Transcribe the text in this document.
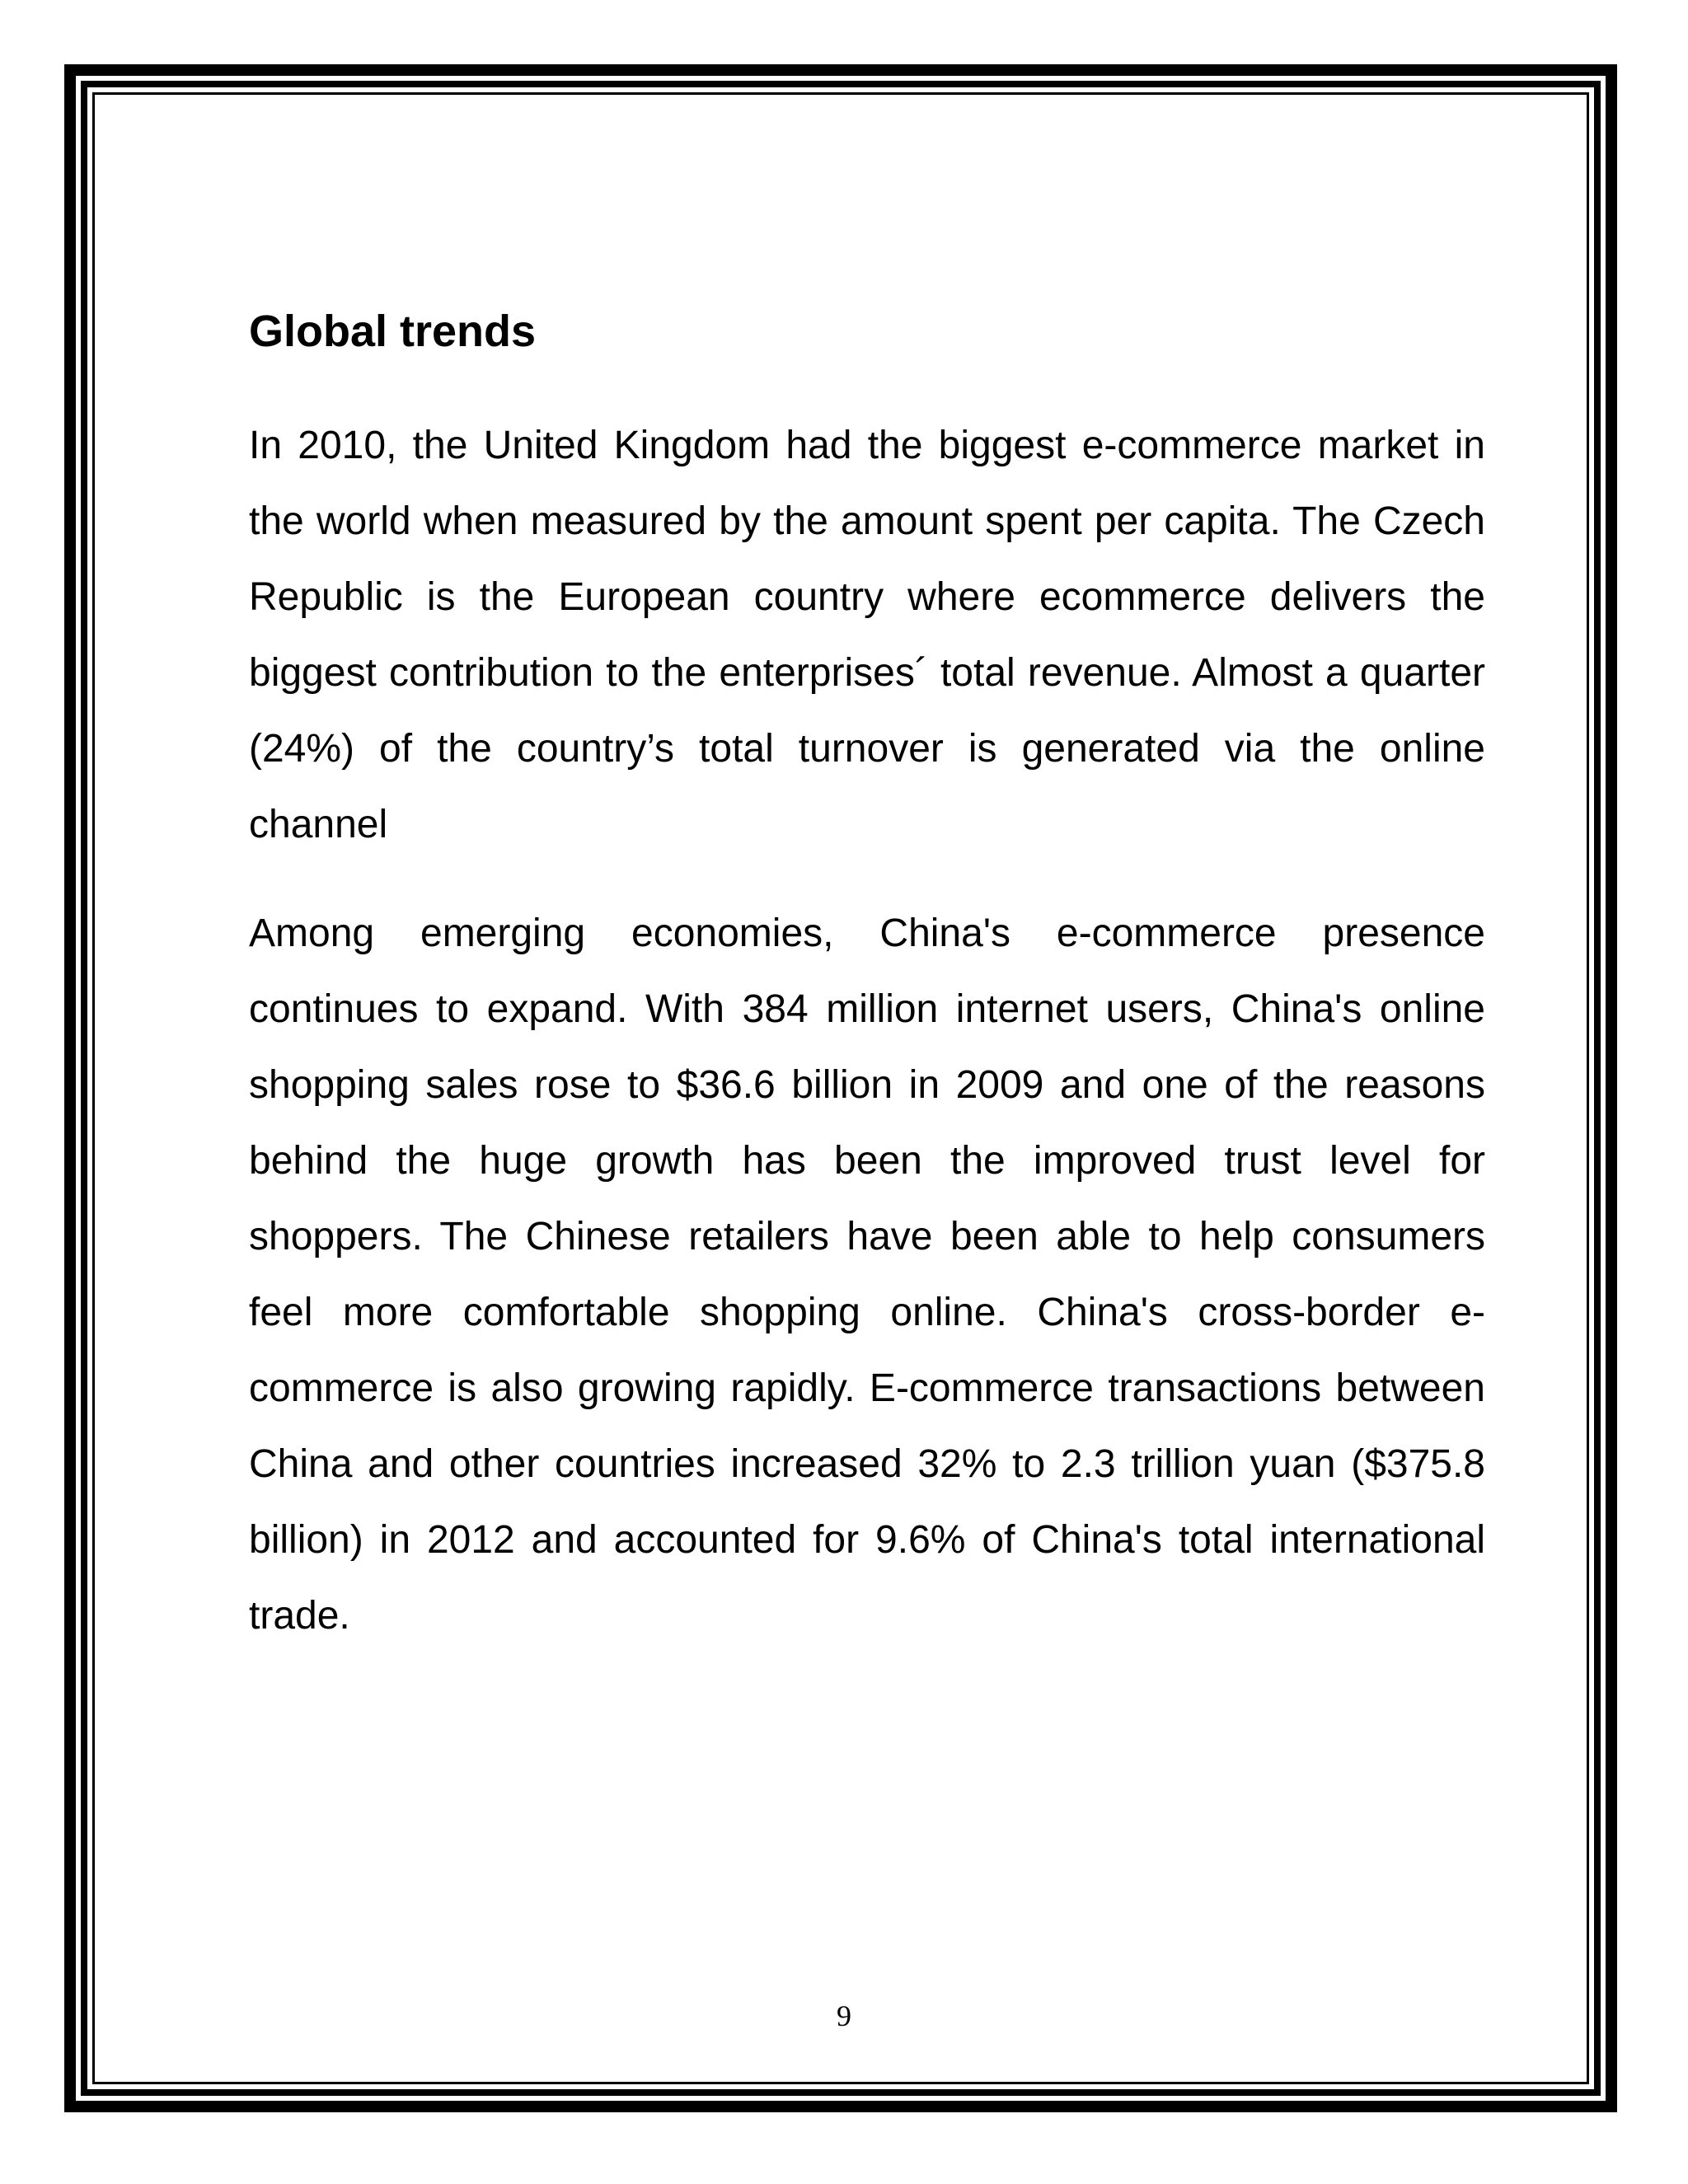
Global trends

In 2010, the United Kingdom had the biggest e-commerce market in the world when measured by the amount spent per capita. The Czech Republic is the European country where ecommerce delivers the biggest contribution to the enterprises´ total revenue. Almost a quarter (24%) of the country’s total turnover is generated via the online channel

Among emerging economies, China's e-commerce presence continues to expand. With 384 million internet users, China's online shopping sales rose to $36.6 billion in 2009 and one of the reasons behind the huge growth has been the improved trust level for shoppers. The Chinese retailers have been able to help consumers feel more comfortable shopping online. China's cross-border e-commerce is also growing rapidly. E-commerce transactions between China and other countries increased 32% to 2.3 trillion yuan ($375.8 billion) in 2012 and accounted for 9.6% of China's total international trade.

9
